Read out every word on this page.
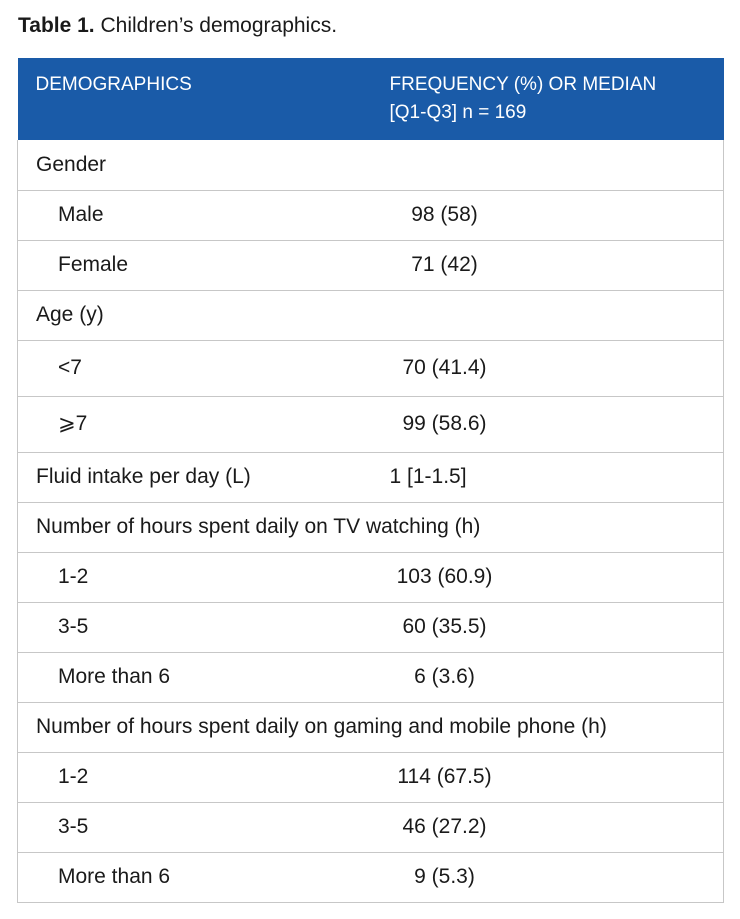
Table 1. Children’s demographics.
DEMOGRAPHICS	FREQUENCY (%) OR MEDIAN
[Q1-Q3] n = 169

Gender	
Male	98 (58)
Female	71 (42)
Age (y)	
<7	70 (41.4)
⩾7	99 (58.6)
Fluid intake per day (L)	1 [1-1.5]
Number of hours spent daily on TV watching (h)	
1-2	103 (60.9)
3-5	60 (35.5)
More than 6	6 (3.6)
Number of hours spent daily on gaming and mobile phone (h)	
1-2	114 (67.5)
3-5	46 (27.2)
More than 6	9 (5.3)
